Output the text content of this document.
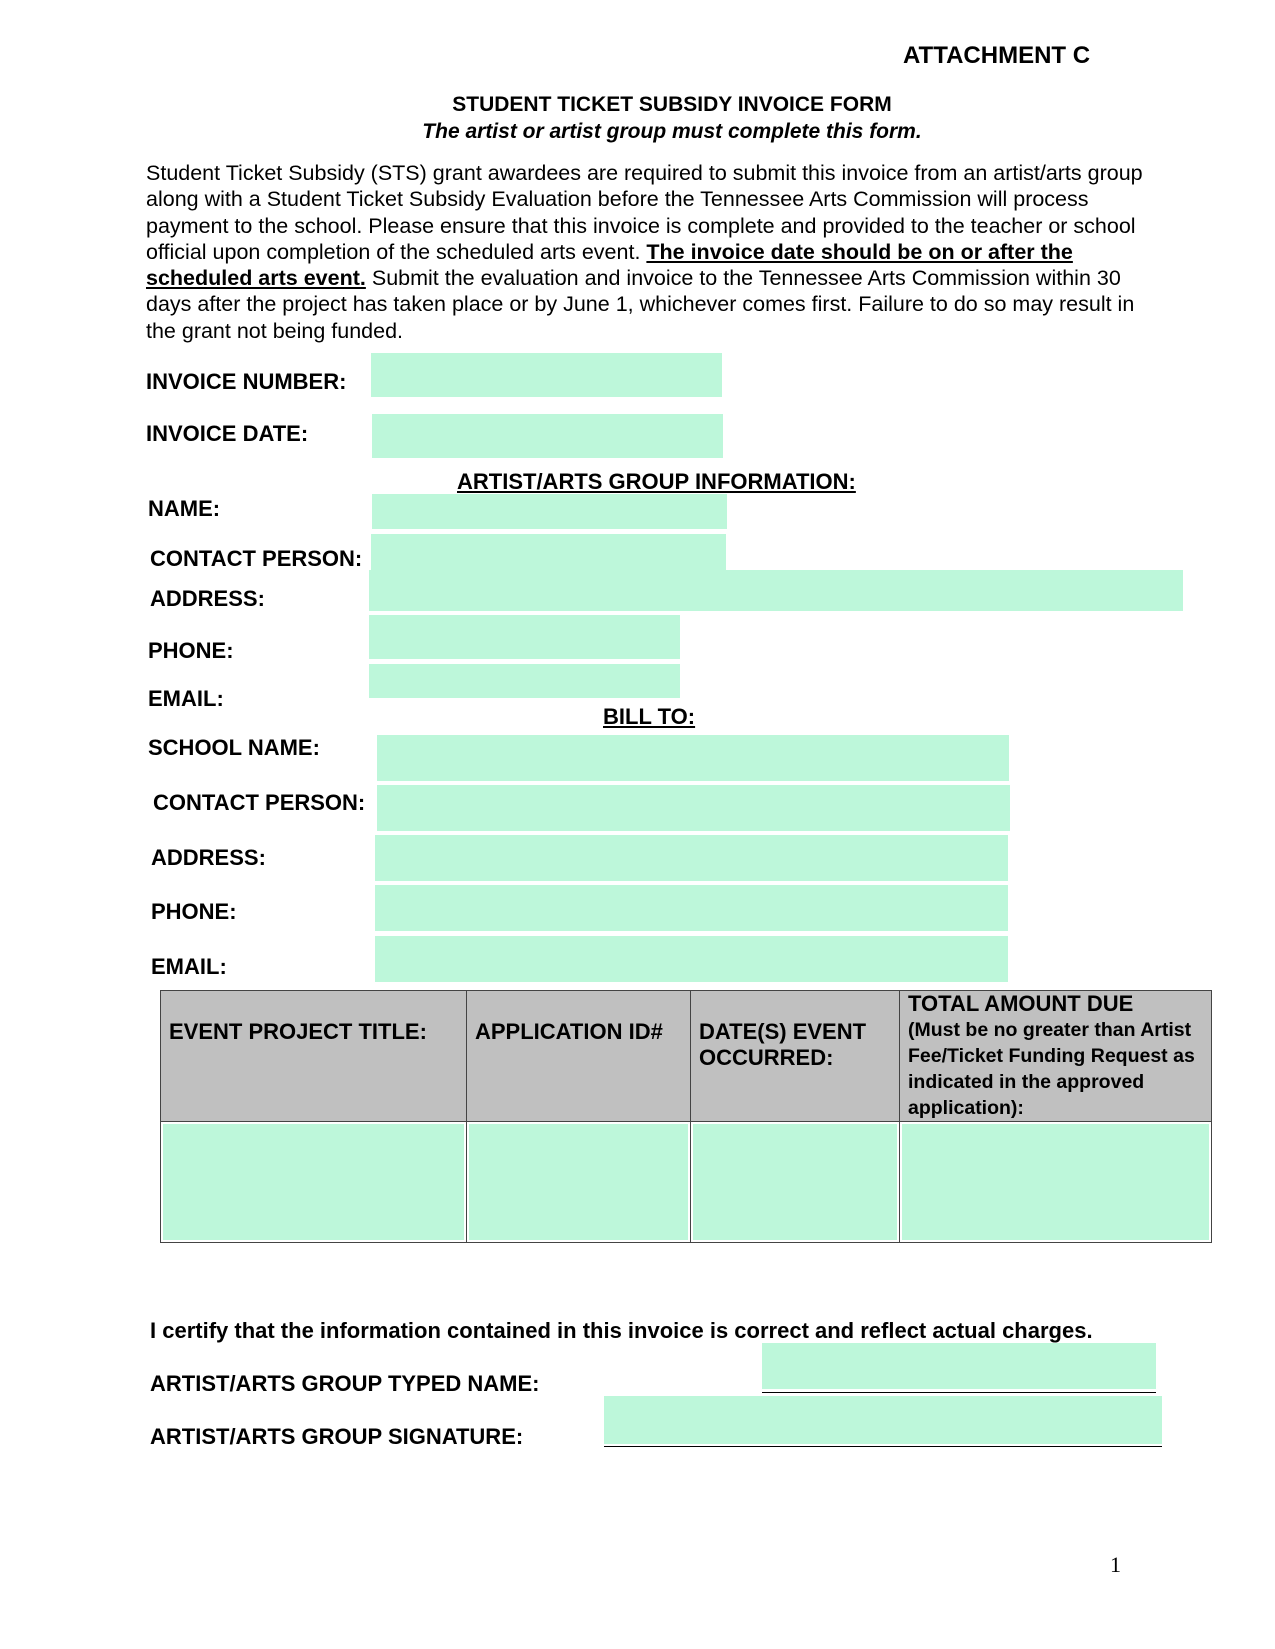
ATTACHMENT C
STUDENT TICKET SUBSIDY INVOICE FORM
The artist or artist group must complete this form.
Student Ticket Subsidy (STS) grant awardees are required to submit this invoice from an artist/arts group along with a Student Ticket Subsidy Evaluation before the Tennessee Arts Commission will process payment to the school. Please ensure that this invoice is complete and provided to the teacher or school official upon completion of the scheduled arts event. The invoice date should be on or after the scheduled arts event. Submit the evaluation and invoice to the Tennessee Arts Commission within 30 days after the project has taken place or by June 1, whichever comes first. Failure to do so may result in the grant not being funded.
INVOICE NUMBER:
INVOICE DATE:
ARTIST/ARTS GROUP INFORMATION:
NAME:
CONTACT PERSON:
ADDRESS:
PHONE:
EMAIL:
BILL TO:
SCHOOL NAME:
CONTACT PERSON:
ADDRESS:
PHONE:
EMAIL:
EVENT PROJECT TITLE:	APPLICATION ID#	DATE(S) EVENT OCCURRED:	TOTAL AMOUNT DUE
(Must be no greater than Artist Fee/Ticket Funding Request as indicated in the approved application):

I certify that the information contained in this invoice is correct and reflect actual charges.
ARTIST/ARTS GROUP TYPED NAME:
ARTIST/ARTS GROUP SIGNATURE:
1
